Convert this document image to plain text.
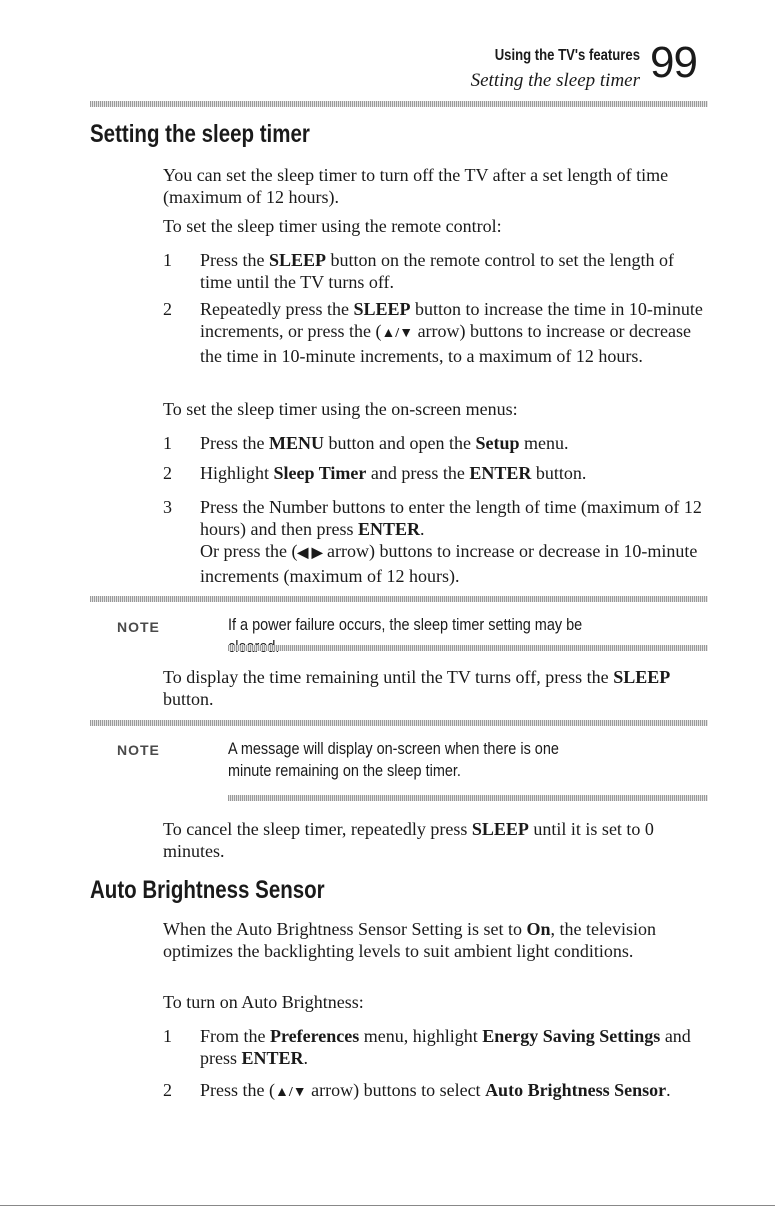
Using the TV's features
Setting the sleep timer 99
Setting the sleep timer
You can set the sleep timer to turn off the TV after a set length of time (maximum of 12 hours).
To set the sleep timer using the remote control:
1 Press the SLEEP button on the remote control to set the length of time until the TV turns off.
2 Repeatedly press the SLEEP button to increase the time in 10-minute increments, or press the (▲/▼ arrow) buttons to increase or decrease the time in 10-minute increments, to a maximum of 12 hours.
To set the sleep timer using the on-screen menus:
1 Press the MENU button and open the Setup menu.
2 Highlight Sleep Timer and press the ENTER button.
3 Press the Number buttons to enter the length of time (maximum of 12 hours) and then press ENTER.
Or press the (◀ ▶ arrow) buttons to increase or decrease in 10-minute increments (maximum of 12 hours).
NOTE	If a power failure occurs, the sleep timer setting may be
To display the time remaining until the TV turns off, press the SLEEP button.
NOTE	A message will display on-screen when there is one minute remaining on the sleep timer.
To cancel the sleep timer, repeatedly press SLEEP until it is set to 0 minutes.
Auto Brightness Sensor
When the Auto Brightness Sensor Setting is set to On, the television optimizes the backlighting levels to suit ambient light conditions.
To turn on Auto Brightness:
1 From the Preferences menu, highlight Energy Saving Settings and press ENTER.
2 Press the (▲/▼ arrow) buttons to select Auto Brightness Sensor.
